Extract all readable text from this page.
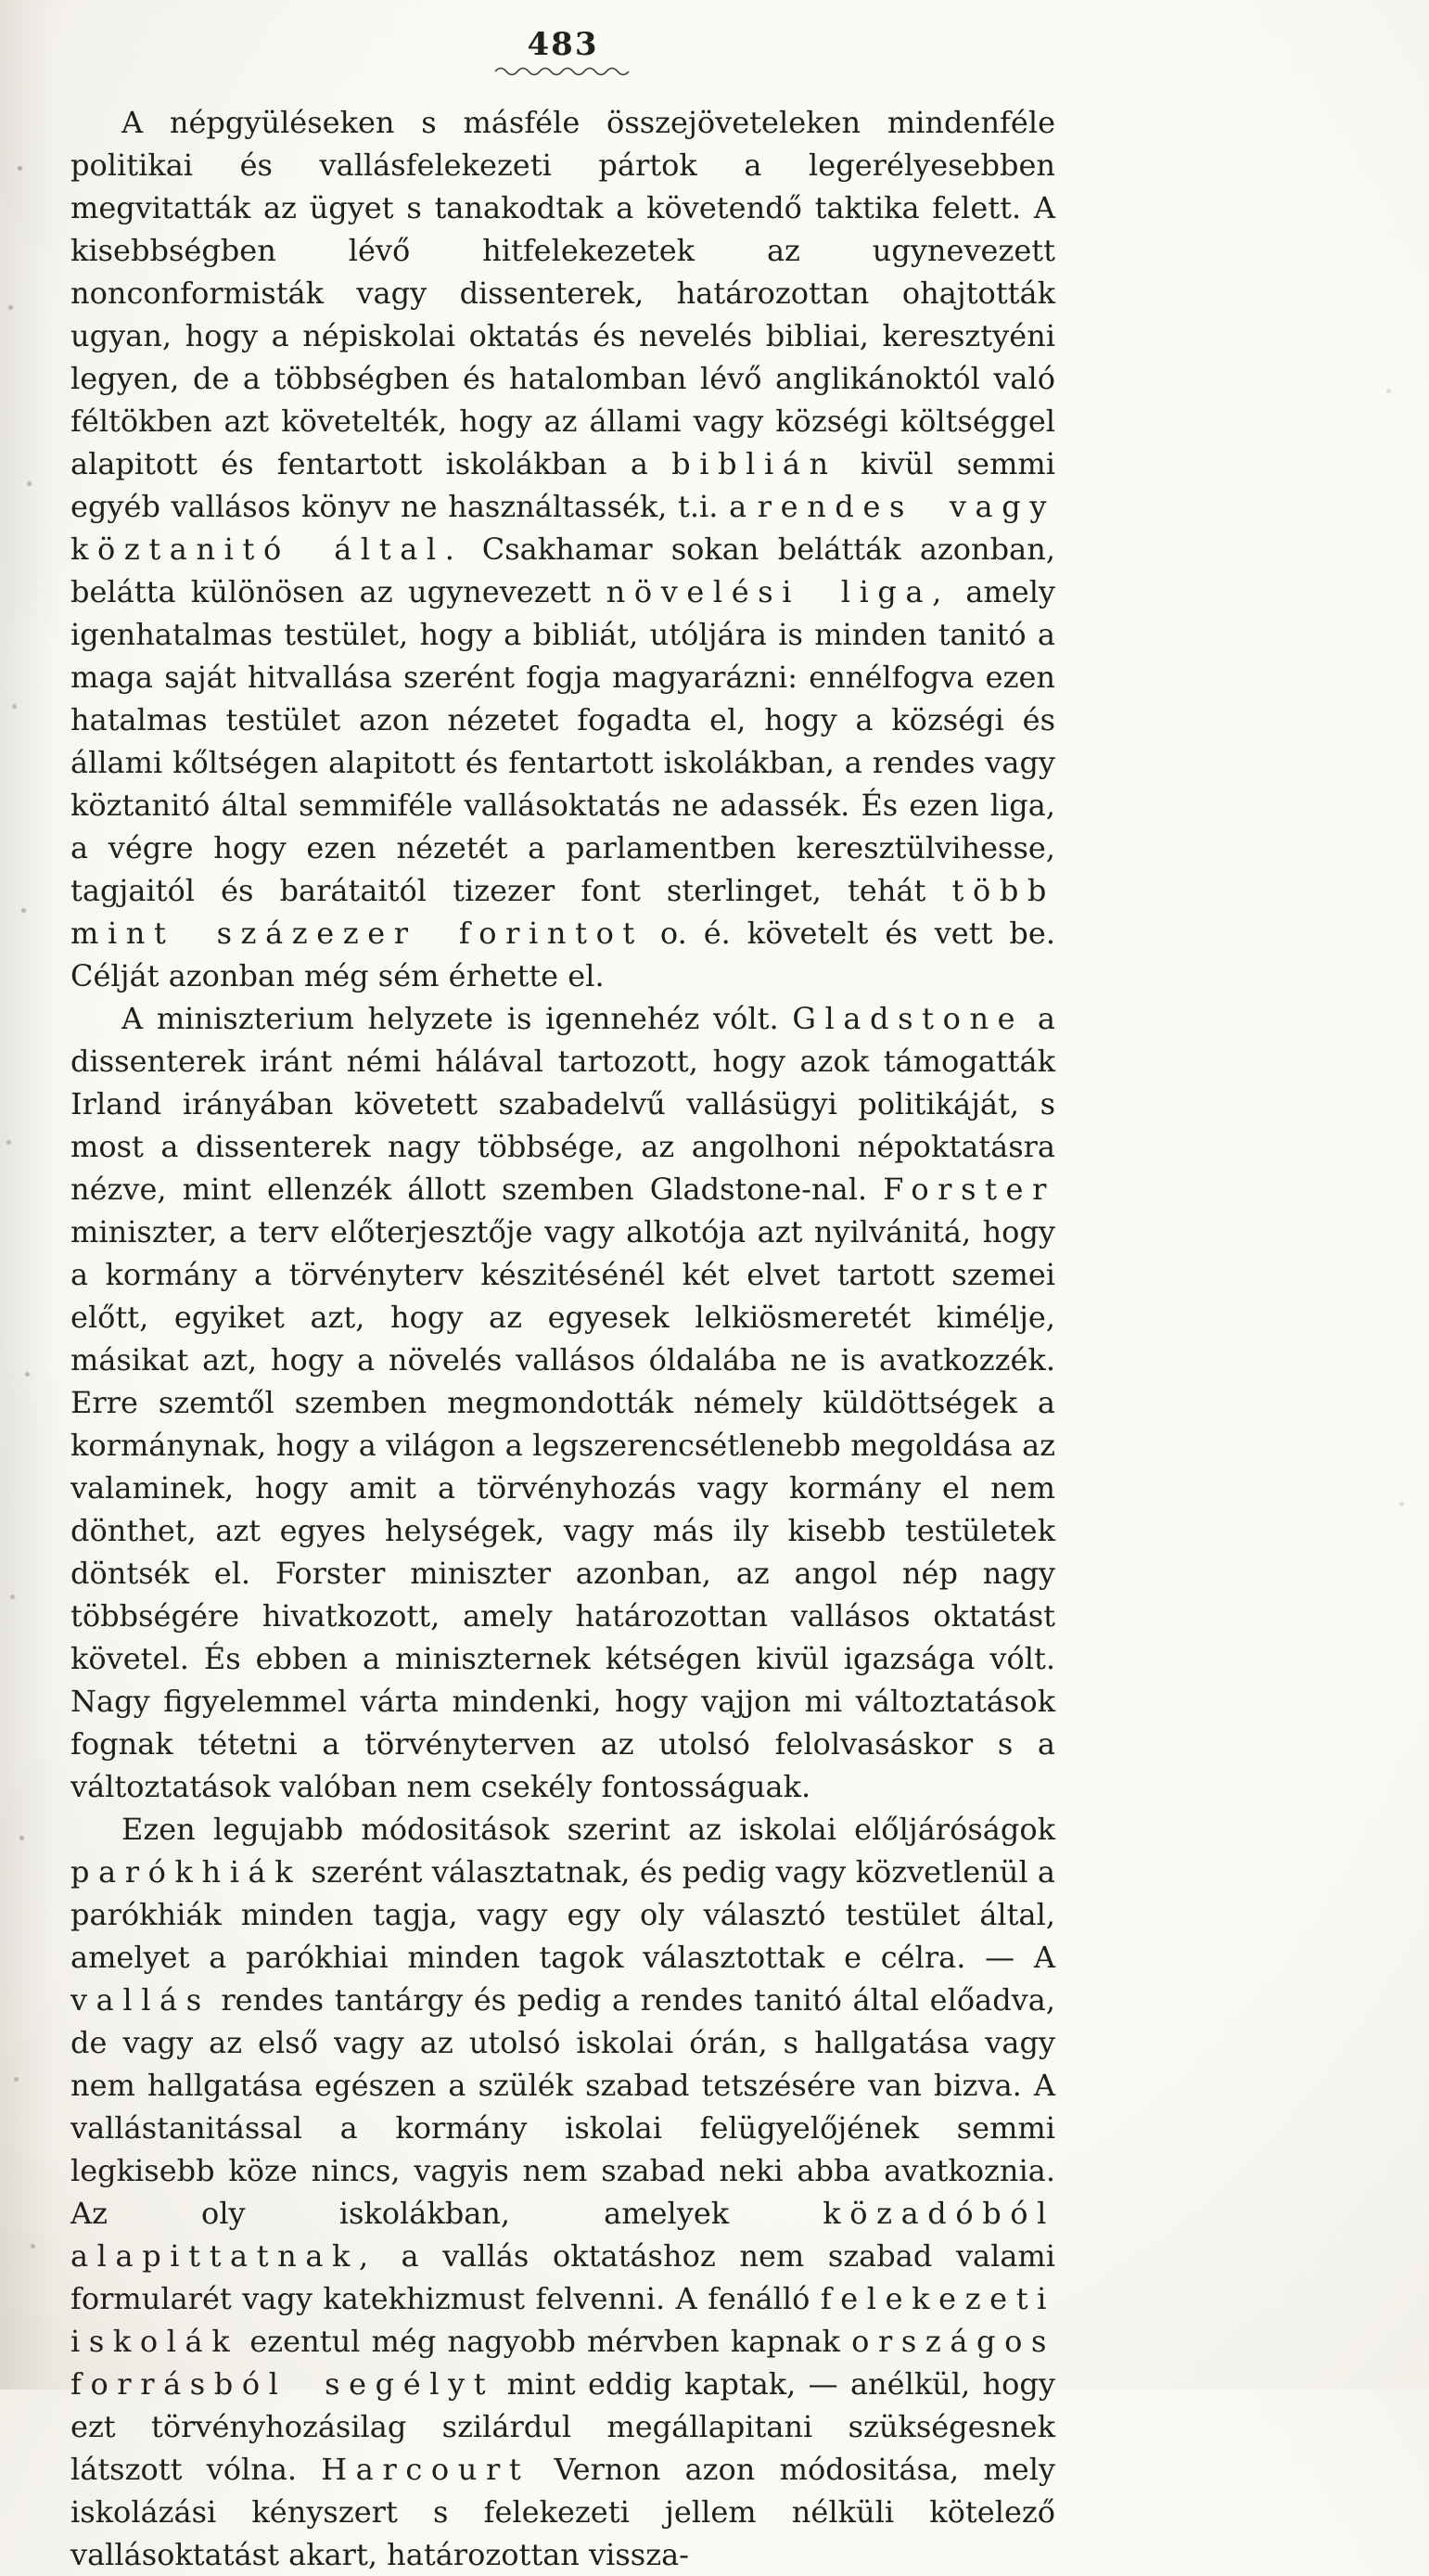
483

A népgyüléseken s másféle összejöveteleken mindenféle politikai és vallásfelekezeti pártok a legerélyesebben megvitatták az ügyet s tanakodtak a követendő taktika felett. A kisebbségben lévő hitfelekezetek az ugynevezett nonconformisták vagy dissenterek, határozottan ohajtották ugyan, hogy a népiskolai oktatás és nevelés bibliai, keresztyéni legyen, de a többségben és hatalomban lévő anglikánoktól való féltökben azt követelték, hogy az állami vagy községi költséggel alapitott és fentartott iskolákban a biblián kivül semmi egyéb vallásos könyv ne használtassék, t.i. a rendes vagy köztanitó által. Csakhamar sokan belátták azonban, belátta különösen az ugynevezett növelési liga, amely igenhatalmas testület, hogy a bibliát, utóljára is minden tanitó a maga saját hitvallása szerént fogja magyarázni: ennélfogva ezen hatalmas testület azon nézetet fogadta el, hogy a községi és állami kőltségen alapitott és fentartott iskolákban, a rendes vagy köztanitó által semmiféle vallásoktatás ne adassék. És ezen liga, a végre hogy ezen nézetét a parlamentben keresztülvihesse, tagjaitól és barátaitól tizezer font sterlinget, tehát több mint százezer forintot o. é. követelt és vett be. Célját azonban még sém érhette el.

A miniszterium helyzete is igennehéz vólt. Gladstone a dissenterek iránt némi hálával tartozott, hogy azok támogatták Irland irányában követett szabadelvű vallásügyi politikáját, s most a dissenterek nagy többsége, az angolhoni népoktatásra nézve, mint ellenzék állott szemben Gladstone-nal. Forster miniszter, a terv előterjesztője vagy alkotója azt nyilvánitá, hogy a kormány a törvényterv készitésénél két elvet tartott szemei előtt, egyiket azt, hogy az egyesek lelkiösmeretét kimélje, másikat azt, hogy a növelés vallásos óldalába ne is avatkozzék. Erre szemtől szemben megmondották némely küldöttségek a kormánynak, hogy a világon a legszerencsétlenebb megoldása az valaminek, hogy amit a törvényhozás vagy kormány el nem dönthet, azt egyes helységek, vagy más ily kisebb testületek döntsék el. Forster miniszter azonban, az angol nép nagy többségére hivatkozott, amely határozottan vallásos oktatást követel. És ebben a miniszternek kétségen kivül igazsága vólt. Nagy figyelemmel várta mindenki, hogy vajjon mi változtatások fognak tétetni a törvényterven az utolsó felolvasáskor s a változtatások valóban nem csekély fontosságuak.

Ezen legujabb módositások szerint az iskolai előljáróságok parókhiák szerént választatnak, és pedig vagy közvetlenül a parókhiák minden tagja, vagy egy oly választó testület által, amelyet a parókhiai minden tagok választottak e célra. — A vallás rendes tantárgy és pedig a rendes tanitó által előadva, de vagy az első vagy az utolsó iskolai órán, s hallgatása vagy nem hallgatása egészen a szülék szabad tetszésére van bizva. A vallástanitással a kormány iskolai felügyelőjének semmi legkisebb köze nincs, vagyis nem szabad neki abba avatkoznia. Az oly iskolákban, amelyek közadóból alapittatnak, a vallás oktatáshoz nem szabad valami formularét vagy katekhizmust felvenni. A fenálló felekezeti iskolák ezentul még nagyobb mérvben kapnak országos forrásból segélyt mint eddig kaptak, — anélkül, hogy ezt törvényhozásilag szilárdul megállapitani szükségesnek látszott vólna. Harcourt Vernon azon módositása, mely iskolázási kényszert s felekezeti jellem nélküli kötelező vallásoktatást akart, határozottan vissza-
